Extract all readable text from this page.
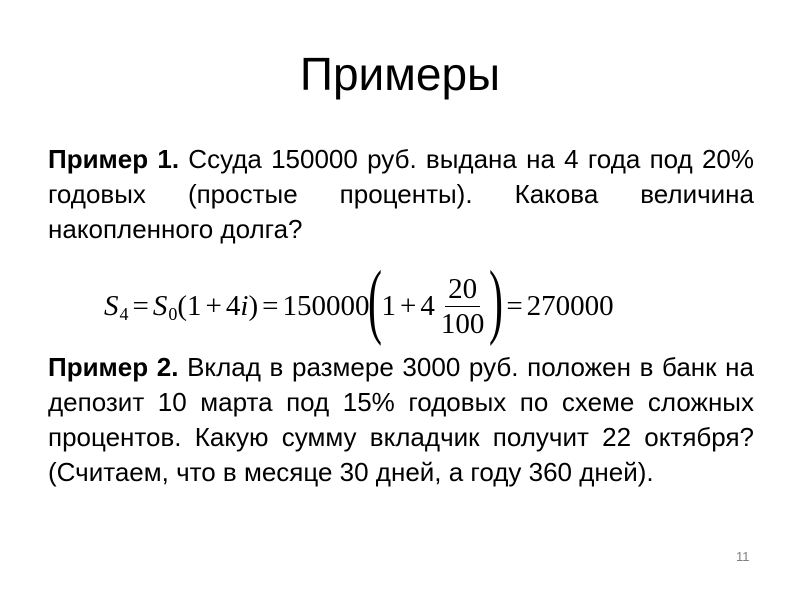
Примеры
Пример 1. Ссуда 150000 руб. выдана на 4 года под 20% годовых (простые проценты). Какова величина накопленного долга?
S 4 = S 0 (1 + 4 i ) = 150000
(
$1 + 4 \frac{20}{100}$ ) = 270000
Пример 2. Вклад в размере 3000 руб. положен в банк на депозит 10 марта под 15% годовых по схеме сложных процентов. Какую сумму вкладчик получит 22 октября? (Считаем, что в месяце 30 дней, а году 360 дней).
11
